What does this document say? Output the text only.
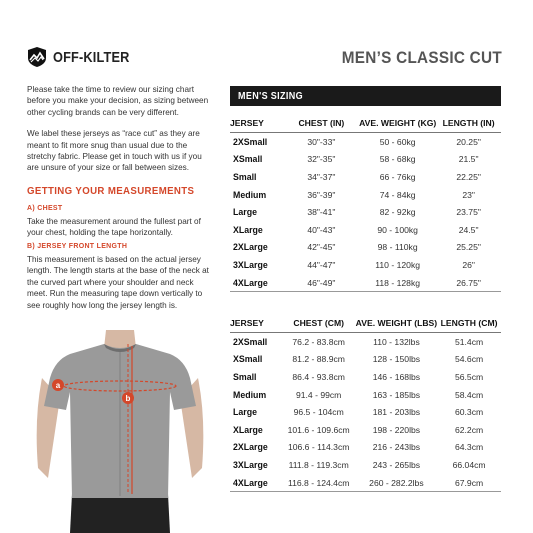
OFF-KILTER	MEN’S CLASSIC CUT

Please take the time to review our sizing chart before you make your decision, as sizing between other cycling brands can be very different.

We label these jerseys as “race cut” as they are meant to fit more snug than usual due to the stretchy fabric. Please get in touch with us if you are unsure of your size or fall between sizes.

GETTING YOUR MEASUREMENTS
A) CHEST

Take the measurement around the fullest part of your chest, holding the tape horizontally.

B) JERSEY FRONT LENGTH

This measurement is based on the actual jersey length. The length starts at the base of the neck at the curved part where your shoulder and neck meet. Run the measuring tape down vertically to see roughly how long the jersey length is.

a
b
MEN'S SIZING
JERSEY	CHEST (IN)	AVE. WEIGHT (KG)	LENGTH (IN)
2XSmall	30"-33"	50 - 60kg	20.25"
XSmall	32"-35"	58 - 68kg	21.5"
Small	34"-37"	66 - 76kg	22.25"
Medium	36"-39"	74 - 84kg	23"
Large	38"-41"	82 - 92kg	23.75"
XLarge	40"-43"	90 - 100kg	24.5"
2XLarge	42"-45"	98 - 110kg	25.25"
3XLarge	44"-47"	110 - 120kg	26"
4XLarge	46"-49"	118 - 128kg	26.75"
JERSEY	CHEST (CM)	AVE. WEIGHT (LBS)	LENGTH (CM)
2XSmall	76.2 - 83.8cm	110 - 132lbs	51.4cm
XSmall	81.2 - 88.9cm	128 - 150lbs	54.6cm
Small	86.4 - 93.8cm	146 - 168lbs	56.5cm
Medium	91.4 - 99cm	163 - 185lbs	58.4cm
Large	96.5 - 104cm	181 - 203lbs	60.3cm
XLarge	101.6 - 109.6cm	198 - 220lbs	62.2cm
2XLarge	106.6 - 114.3cm	216 - 243lbs	64.3cm
3XLarge	111.8 - 119.3cm	243 - 265lbs	66.04cm
4XLarge	116.8 - 124.4cm	260 - 282.2lbs	67.9cm
